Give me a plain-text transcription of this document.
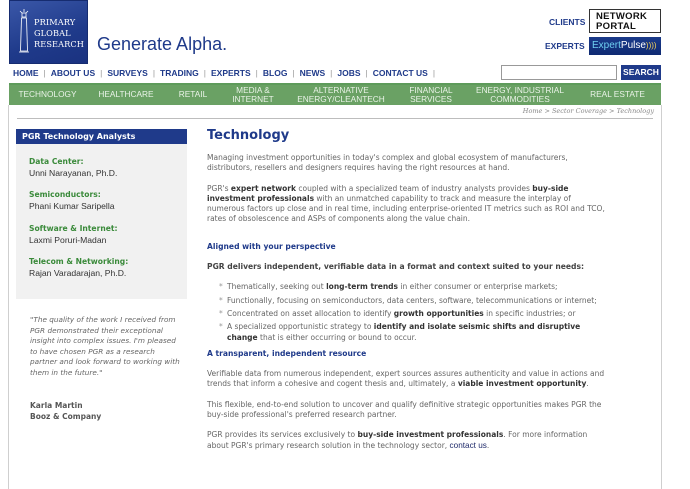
PRIMARY
GLOBAL
RESEARCH Generate Alpha.
CLIENTS NETWORK
PORTAL
EXPERTS ExpertPulse))))
HOME | ABOUT US | SURVEYS | TRADING | EXPERTS | BLOG | NEWS | JOBS | CONTACT US |	SEARCH
TECHNOLOGY	HEALTHCARE	RETAIL	MEDIA &
INTERNET
ALTERNATIVE
ENERGY/CLEANTECH
FINANCIAL
SERVICES
ENERGY, INDUSTRIAL
COMMODITIES	REAL ESTATE
Home > Sector Coverage > Technology
PGR Technology Analysts
Data Center:
Unni Narayanan, Ph.D.
Semiconductors:
Phani Kumar Saripella
Software & Internet:
Laxmi Poruri-Madan
Telecom & Networking:
Rajan Varadarajan, Ph.D.
"The quality of the work I received from PGR demonstrated their exceptional insight into complex issues. I'm pleased to have chosen PGR as a research partner and look forward to working with them in the future."
Karla Martin
Booz & Company
Technology

Managing investment opportunities in today's complex and global ecosystem of manufacturers, distributors, resellers and designers requires having the right resources at hand.

PGR's expert network coupled with a specialized team of industry analysts provides buy-side investment professionals with an unmatched capability to track and measure the interplay of numerous factors up close and in real time, including enterprise-oriented IT metrics such as ROI and TCO, rates of obsolescence and ASPs of components along the value chain.

Aligned with your perspective

PGR delivers independent, verifiable data in a format and context suited to your needs:

* Thematically, seeking out long-term trends in either consumer or enterprise markets;
* Functionally, focusing on semiconductors, data centers, software, telecommunications or internet;
* Concentrated on asset allocation to identify growth opportunities in specific industries; or
* A specialized opportunistic strategy to identify and isolate seismic shifts and disruptive change that is either occurring or bound to occur.

A transparent, independent resource

Verifiable data from numerous independent, expert sources assures authenticity and value in actions and trends that inform a cohesive and cogent thesis and, ultimately, a viable investment opportunity.

This flexible, end-to-end solution to uncover and qualify definitive strategic opportunities makes PGR the buy-side professional's preferred research partner.

PGR provides its services exclusively to buy-side investment professionals. For more information about PGR's primary research solution in the technology sector, contact us.
